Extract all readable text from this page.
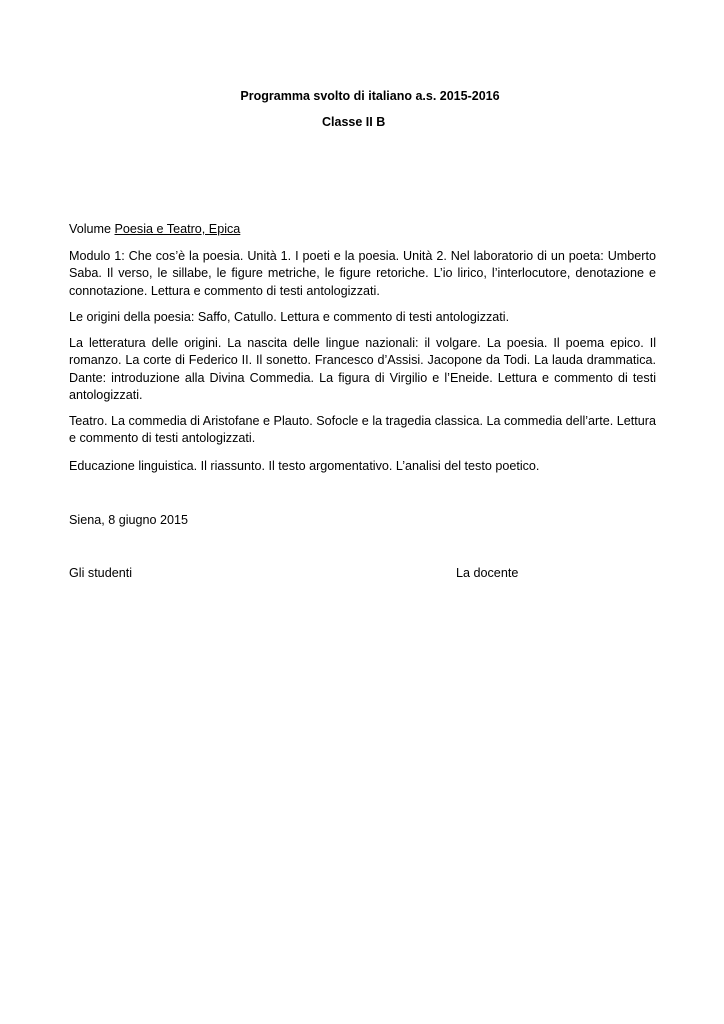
Programma svolto di italiano a.s. 2015-2016
Classe II B
Volume Poesia e Teatro, Epica

Modulo 1: Che cos’è la poesia. Unità 1. I poeti e la poesia. Unità 2. Nel laboratorio di un poeta: Umberto Saba. Il verso, le sillabe, le figure metriche, le figure retoriche. L’io lirico, l’interlocutore, denotazione e connotazione. Lettura e commento di testi antologizzati.

Le origini della poesia: Saffo, Catullo. Lettura e commento di testi antologizzati.

La letteratura delle origini. La nascita delle lingue nazionali: il volgare. La poesia. Il poema epico. Il romanzo. La corte di Federico II. Il sonetto. Francesco d’Assisi. Jacopone da Todi. La lauda drammatica. Dante: introduzione alla Divina Commedia. La figura di Virgilio e l’Eneide. Lettura e commento di testi antologizzati.

Teatro. La commedia di Aristofane e Plauto. Sofocle e la tragedia classica. La commedia dell’arte. Lettura e commento di testi antologizzati.

Educazione linguistica. Il riassunto. Il testo argomentativo. L’analisi del testo poetico.

Siena, 8 giugno 2015
Gli studenti	La docente
